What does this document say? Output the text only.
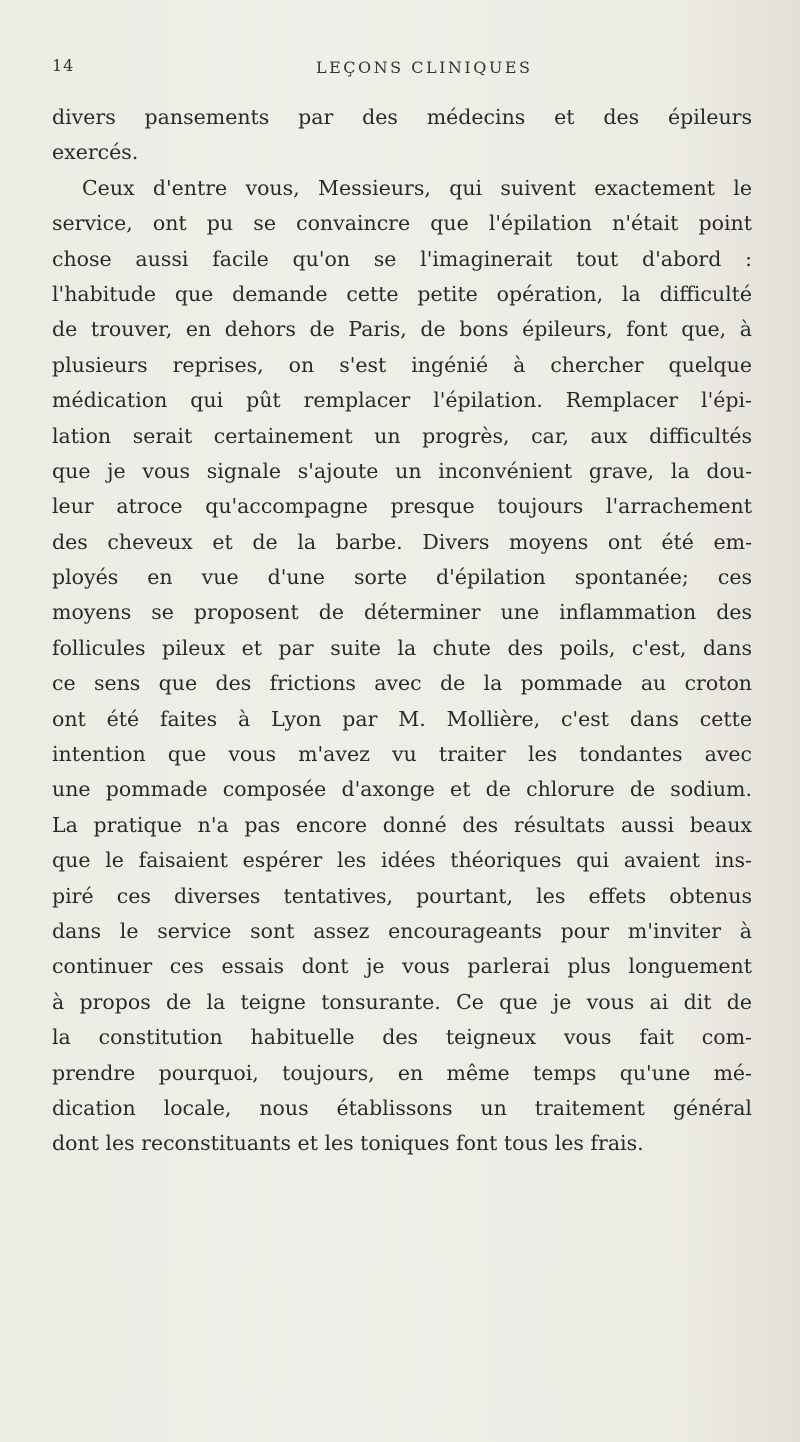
14	LEÇONS CLINIQUES
divers pansements par des médecins et des épileurs
exercés.
Ceux d'entre vous, Messieurs, qui suivent exactement le
service, ont pu se convaincre que l'épilation n'était point
chose aussi facile qu'on se l'imaginerait tout d'abord :
l'habitude que demande cette petite opération, la difficulté
de trouver, en dehors de Paris, de bons épileurs, font que, à
plusieurs reprises, on s'est ingénié à chercher quelque
médication qui pût remplacer l'épilation. Remplacer l'épi-
lation serait certainement un progrès, car, aux difficultés
que je vous signale s'ajoute un inconvénient grave, la dou-
leur atroce qu'accompagne presque toujours l'arrachement
des cheveux et de la barbe. Divers moyens ont été em-
ployés en vue d'une sorte d'épilation spontanée; ces
moyens se proposent de déterminer une inflammation des
follicules pileux et par suite la chute des poils, c'est, dans
ce sens que des frictions avec de la pommade au croton
ont été faites à Lyon par M. Mollière, c'est dans cette
intention que vous m'avez vu traiter les tondantes avec
une pommade composée d'axonge et de chlorure de sodium.
La pratique n'a pas encore donné des résultats aussi beaux
que le faisaient espérer les idées théoriques qui avaient ins-
piré ces diverses tentatives, pourtant, les effets obtenus
dans le service sont assez encourageants pour m'inviter à
continuer ces essais dont je vous parlerai plus longuement
à propos de la teigne tonsurante. Ce que je vous ai dit de
la constitution habituelle des teigneux vous fait com-
prendre pourquoi, toujours, en même temps qu'une mé-
dication locale, nous établissons un traitement général
dont les reconstituants et les toniques font tous les frais.
